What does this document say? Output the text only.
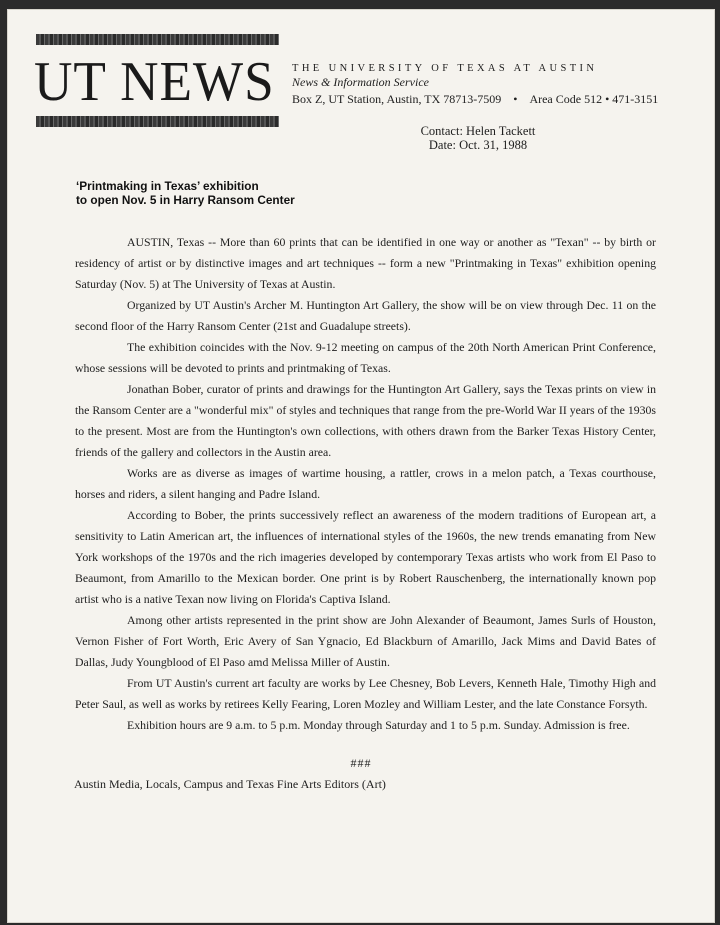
UT NEWS THE UNIVERSITY OF TEXAS AT AUSTIN
News & Information Service
Box Z, UT Station, Austin, TX 78713-7509 • Area Code 512 • 471-3151
Contact: Helen Tackett
Date: Oct. 31, 1988
‘Printmaking in Texas’ exhibition
to open Nov. 5 in Harry Ransom Center

AUSTIN, Texas -- More than 60 prints that can be identified in one way or another as "Texan" -- by birth or residency of artist or by distinctive images and art techniques -- form a new "Printmaking in Texas" exhibition opening Saturday (Nov. 5) at The University of Texas at Austin.

Organized by UT Austin's Archer M. Huntington Art Gallery, the show will be on view through Dec. 11 on the second floor of the Harry Ransom Center (21st and Guadalupe streets).

The exhibition coincides with the Nov. 9-12 meeting on campus of the 20th North American Print Conference, whose sessions will be devoted to prints and printmaking of Texas.

Jonathan Bober, curator of prints and drawings for the Huntington Art Gallery, says the Texas prints on view in the Ransom Center are a "wonderful mix" of styles and techniques that range from the pre-World War II years of the 1930s to the present. Most are from the Huntington's own collections, with others drawn from the Barker Texas History Center, friends of the gallery and collectors in the Austin area.

Works are as diverse as images of wartime housing, a rattler, crows in a melon patch, a Texas courthouse, horses and riders, a silent hanging and Padre Island.

According to Bober, the prints successively reflect an awareness of the modern traditions of European art, a sensitivity to Latin American art, the influences of international styles of the 1960s, the new trends emanating from New York workshops of the 1970s and the rich imageries developed by contemporary Texas artists who work from El Paso to Beaumont, from Amarillo to the Mexican border. One print is by Robert Rauschenberg, the internationally known pop artist who is a native Texan now living on Florida's Captiva Island.

Among other artists represented in the print show are John Alexander of Beaumont, James Surls of Houston, Vernon Fisher of Fort Worth, Eric Avery of San Ygnacio, Ed Blackburn of Amarillo, Jack Mims and David Bates of Dallas, Judy Youngblood of El Paso amd Melissa Miller of Austin.

From UT Austin's current art faculty are works by Lee Chesney, Bob Levers, Kenneth Hale, Timothy High and Peter Saul, as well as works by retirees Kelly Fearing, Loren Mozley and William Lester, and the late Constance Forsyth.

Exhibition hours are 9 a.m. to 5 p.m. Monday through Saturday and 1 to 5 p.m. Sunday. Admission is free.

###
Austin Media, Locals, Campus and Texas Fine Arts Editors (Art)
